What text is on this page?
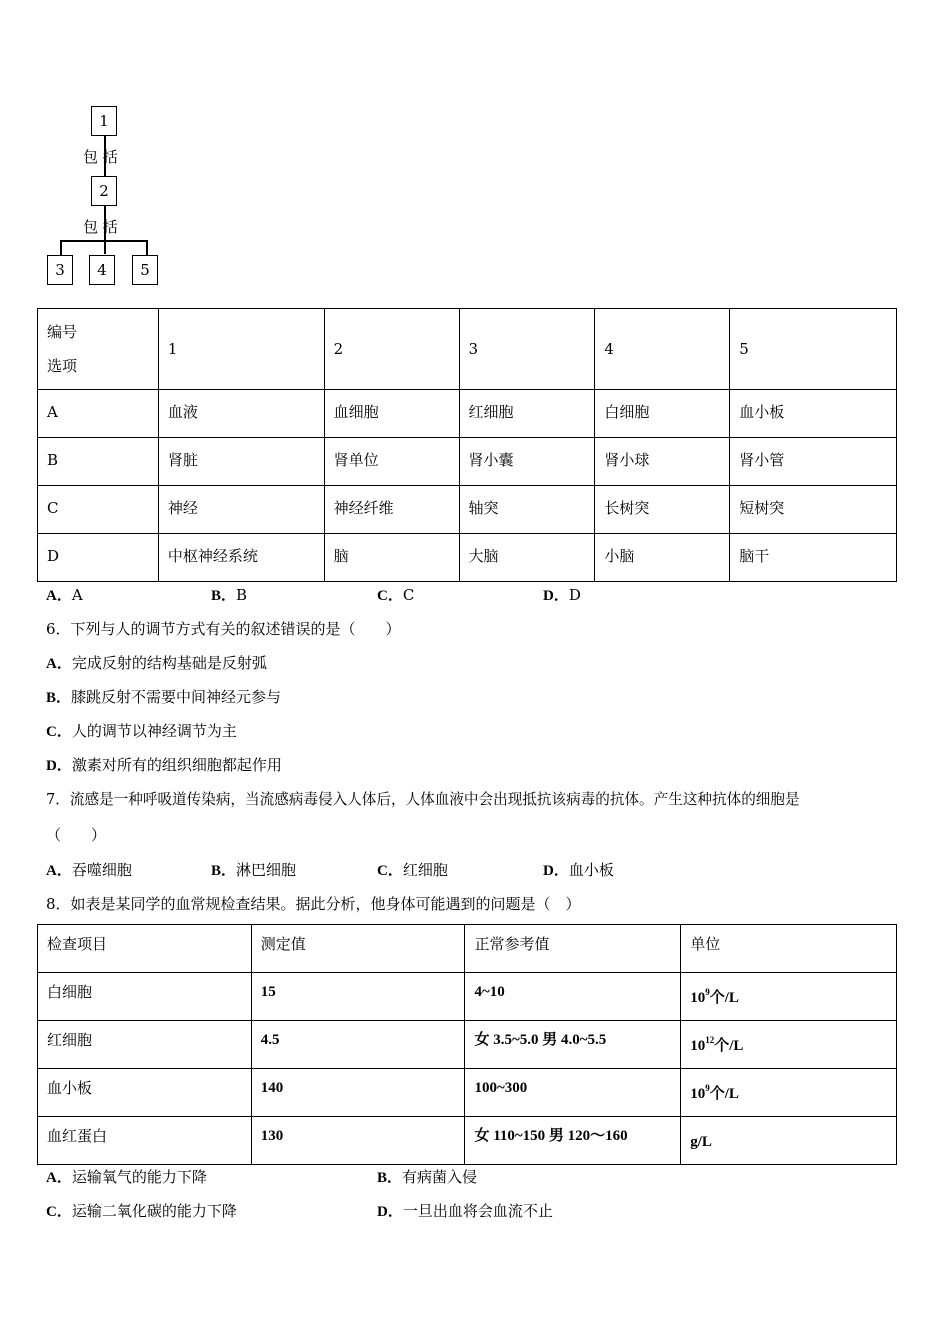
1
包 括
2
包 括
3	4	5
编号
选项	1	2	3	4	5
A	血液	血细胞	红细胞	白细胞	血小板
B	肾脏	肾单位	肾小囊	肾小球	肾小管
C	神经	神经纤维	轴突	长树突	短树突
D	中枢神经系统	脑	大脑	小脑	脑干
A．A	B．B	C．C	D．D
6．下列与人的调节方式有关的叙述错误的是（　　）
A．完成反射的结构基础是反射弧
B．膝跳反射不需要中间神经元参与
C．人的调节以神经调节为主
D．激素对所有的组织细胞都起作用
7．流感是一种呼吸道传染病，当流感病毒侵入人体后，人体血液中会出现抵抗该病毒的抗体。产生这种抗体的细胞是
（　　）
A．吞噬细胞	B．淋巴细胞	C．红细胞	D．血小板
8．如表是某同学的血常规检查结果。据此分析，他身体可能遇到的问题是（　）
检查项目	测定值	正常参考值	单位
白细胞	15	4~10	$10^9$个/L
红细胞	4.5	女 3.5~5.0 男 4.0~5.5	$10^{12}$个/L
血小板	140	100~300	$10^9$个/L
血红蛋白	130	女 110~150 男 120～160	g/L
A．运输氧气的能力下降	B．有病菌入侵
C．运输二氧化碳的能力下降	D．一旦出血将会血流不止
